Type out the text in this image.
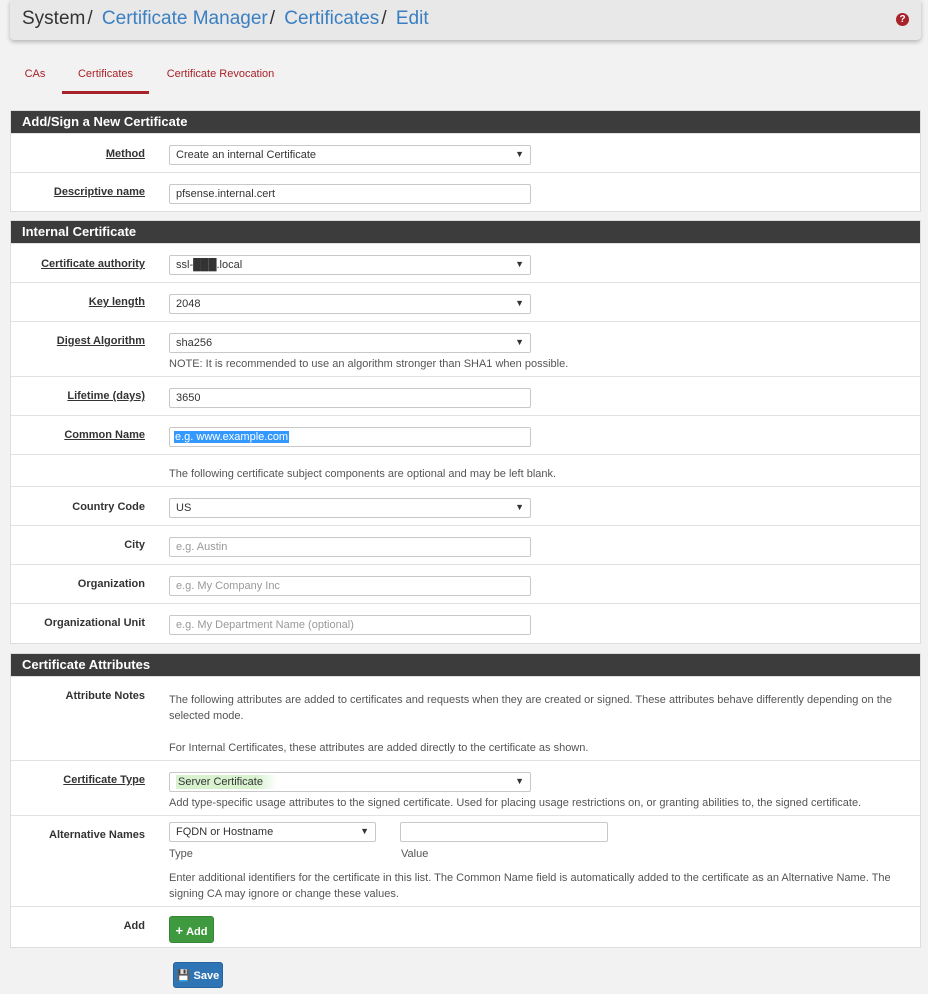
System / Certificate Manager / Certificates / Edit	?
CAs	Certificates	Certificate Revocation
Add/Sign a New Certificate
Method	Create an internal Certificate	▼
Descriptive name	pfsense.internal.cert
Internal Certificate
Certificate authority	ssl-███.local	▼
Key length	2048	▼
Digest Algorithm	sha256	▼
NOTE: It is recommended to use an algorithm stronger than SHA1 when possible.
Lifetime (days)	3650
Common Name	e.g. www.example.com
The following certificate subject components are optional and may be left blank.
Country Code	US	▼
City	e.g. Austin
Organization	e.g. My Company Inc
Organizational Unit	e.g. My Department Name (optional)
Certificate Attributes
Attribute Notes The following attributes are added to certificates and requests when they are created or signed. These attributes behave differently depending on the
selected mode.
For Internal Certificates, these attributes are added directly to the certificate as shown.
Certificate Type	Server Certificate	▼
Add type-specific usage attributes to the signed certificate. Used for placing usage restrictions on, or granting abilities to, the signed certificate.
Alternative Names	FQDN or Hostname	▼
Type	Value
Enter additional identifiers for the certificate in this list. The Common Name field is automatically added to the certificate as an Alternative Name. The
signing CA may ignore or change these values.
Add	+ Add
💾 Save
